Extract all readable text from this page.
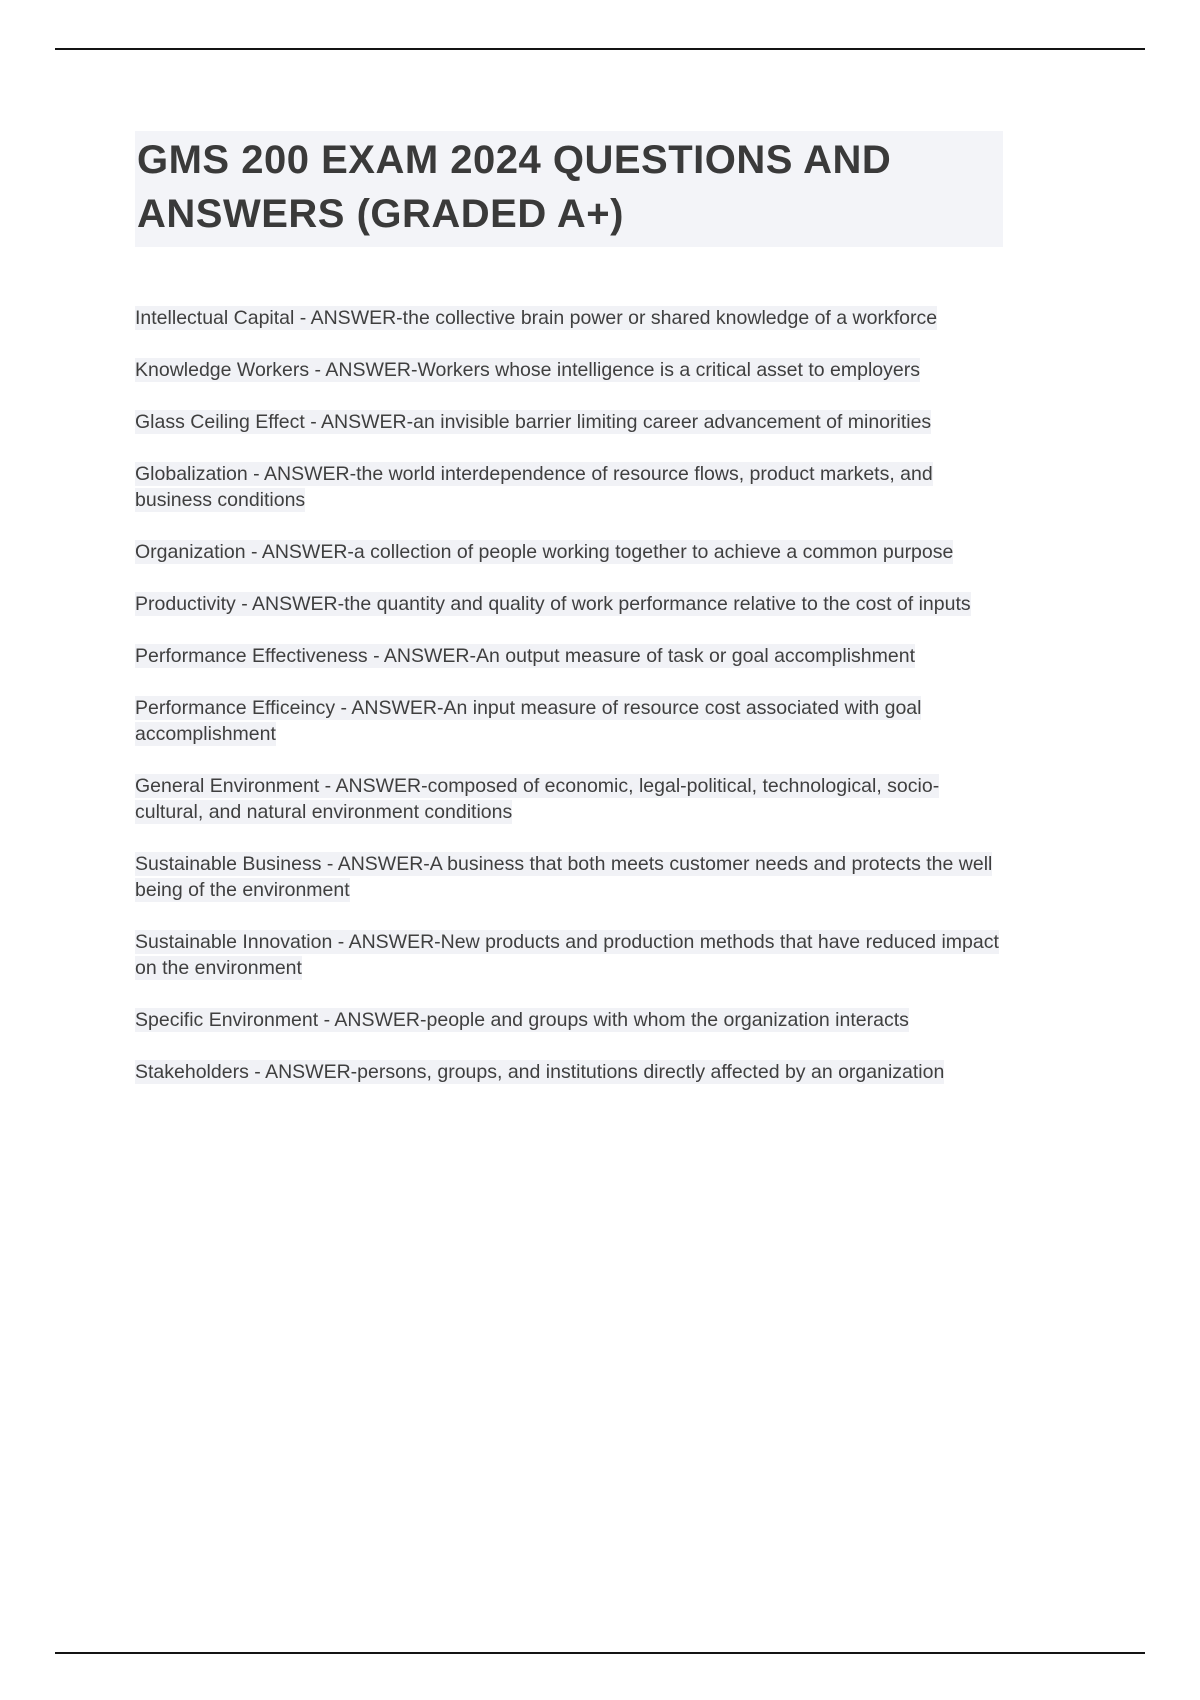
GMS 200 EXAM 2024 QUESTIONS AND ANSWERS (GRADED A+)

Intellectual Capital - ANSWER-the collective brain power or shared knowledge of a workforce

Knowledge Workers - ANSWER-Workers whose intelligence is a critical asset to employers

Glass Ceiling Effect - ANSWER-an invisible barrier limiting career advancement of minorities

Globalization - ANSWER-the world interdependence of resource flows, product markets, and business conditions

Organization - ANSWER-a collection of people working together to achieve a common purpose

Productivity - ANSWER-the quantity and quality of work performance relative to the cost of inputs

Performance Effectiveness - ANSWER-An output measure of task or goal accomplishment

Performance Efficeincy - ANSWER-An input measure of resource cost associated with goal accomplishment

General Environment - ANSWER-composed of economic, legal-political, technological, socio-cultural, and natural environment conditions

Sustainable Business - ANSWER-A business that both meets customer needs and protects the well being of the environment

Sustainable Innovation - ANSWER-New products and production methods that have reduced impact on the environment

Specific Environment - ANSWER-people and groups with whom the organization interacts

Stakeholders - ANSWER-persons, groups, and institutions directly affected by an organization
